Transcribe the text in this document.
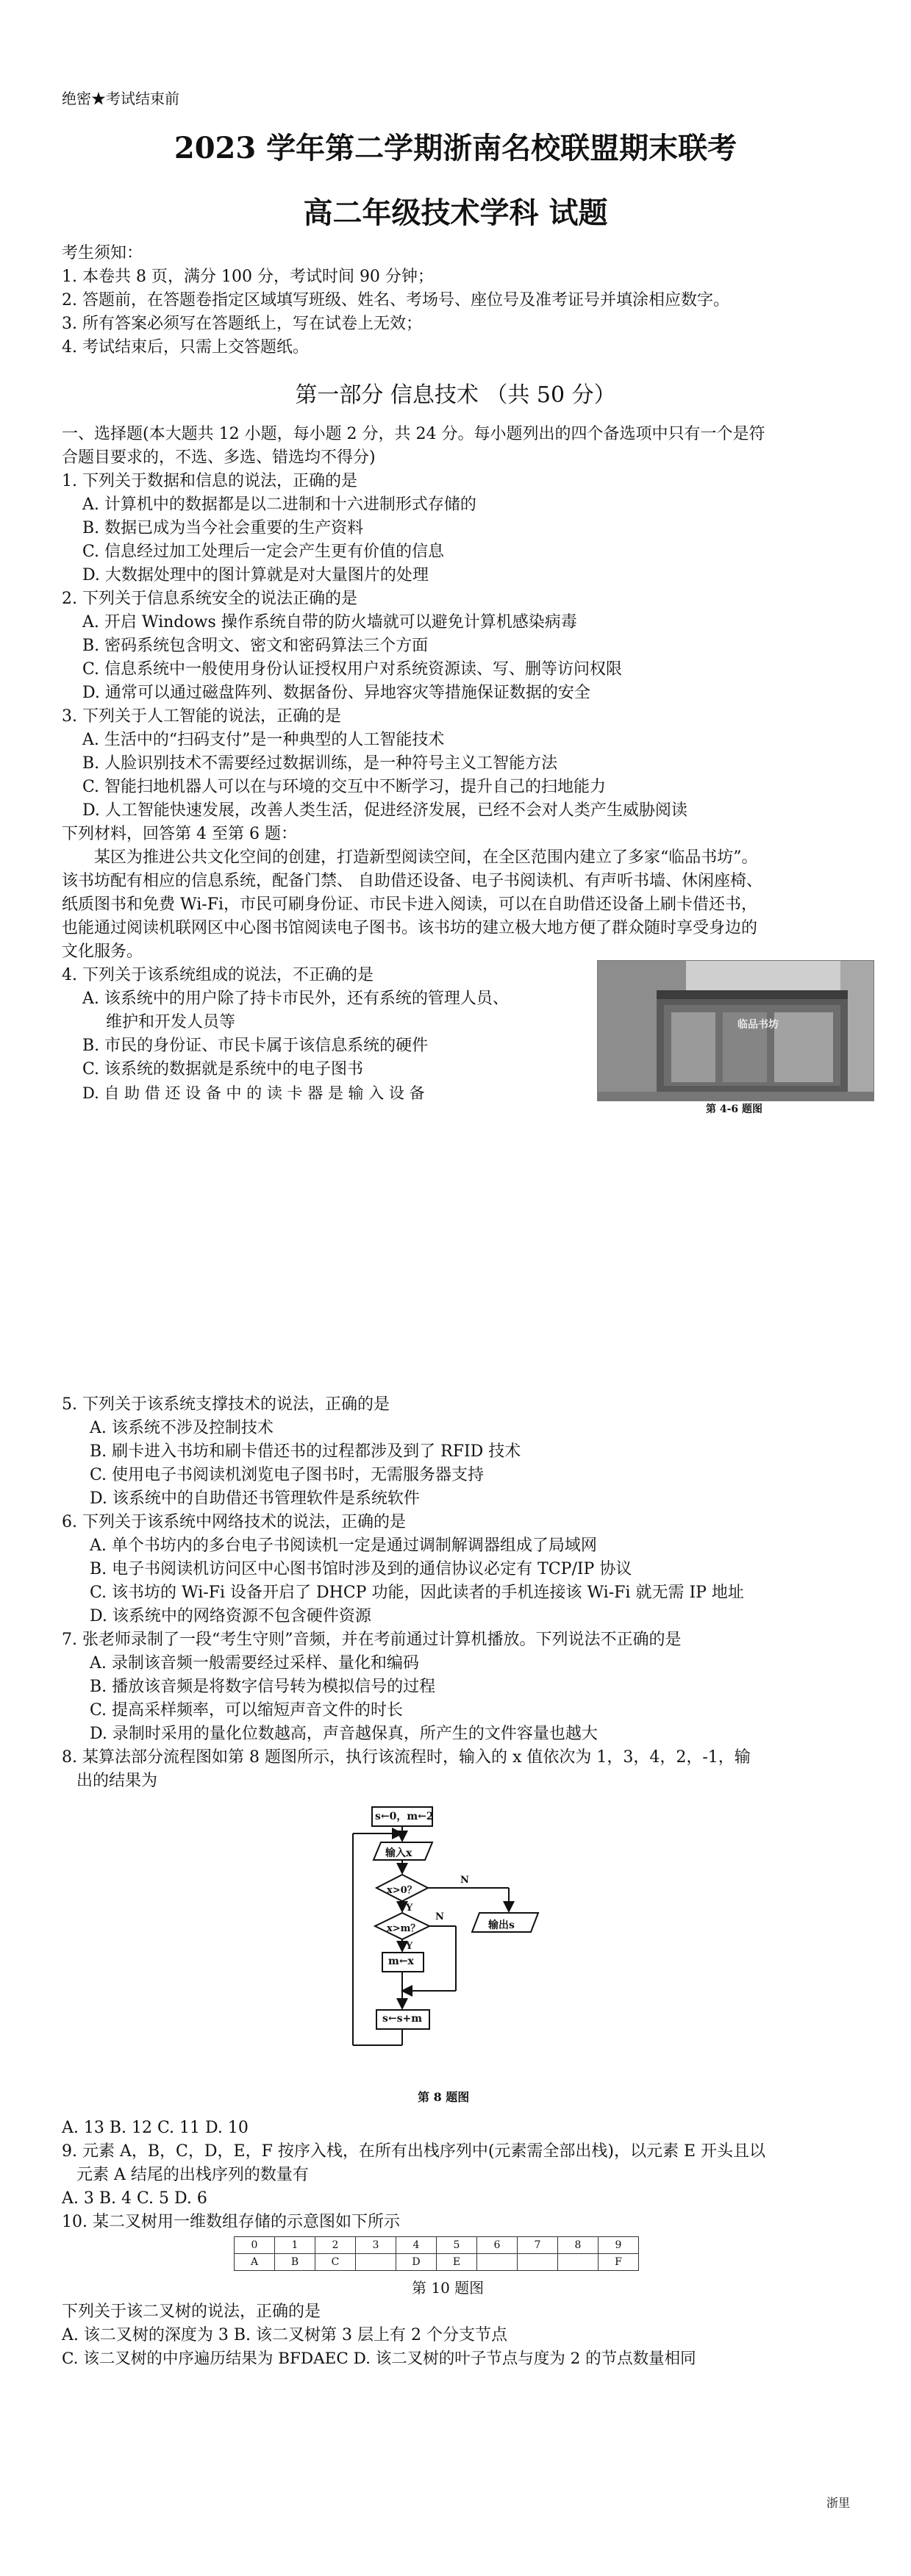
绝密★考试结束前
2023 学年第二学期浙南名校联盟期末联考
高二年级技术学科 试题
考生须知：
1. 本卷共 8 页，满分 100 分，考试时间 90 分钟；
2. 答题前，在答题卷指定区域填写班级、姓名、考场号、座位号及准考证号并填涂相应数字。
3. 所有答案必须写在答题纸上，写在试卷上无效；
4. 考试结束后，只需上交答题纸。
第一部分 信息技术 （共 50 分）
一、选择题(本大题共 12 小题，每小题 2 分，共 24 分。每小题列出的四个备选项中只有一个是符
合题目要求的，不选、多选、错选均不得分)
1. 下列关于数据和信息的说法，正确的是
A. 计算机中的数据都是以二进制和十六进制形式存储的
B. 数据已成为当今社会重要的生产资料
C. 信息经过加工处理后一定会产生更有价值的信息
D. 大数据处理中的图计算就是对大量图片的处理
2. 下列关于信息系统安全的说法正确的是
A. 开启 Windows 操作系统自带的防火墙就可以避免计算机感染病毒
B. 密码系统包含明文、密文和密码算法三个方面
C. 信息系统中一般使用身份认证授权用户对系统资源读、写、删等访问权限
D. 通常可以通过磁盘阵列、数据备份、异地容灾等措施保证数据的安全
3. 下列关于人工智能的说法，正确的是
A. 生活中的“扫码支付”是一种典型的人工智能技术
B. 人脸识别技术不需要经过数据训练，是一种符号主义工智能方法
C. 智能扫地机器人可以在与环境的交互中不断学习，提升自己的扫地能力
D. 人工智能快速发展，改善人类生活，促进经济发展，已经不会对人类产生威胁阅读
下列材料，回答第 4 至第 6 题：
某区为推进公共文化空间的创建，打造新型阅读空间，在全区范围内建立了多家“临品书坊”。
该书坊配有相应的信息系统，配备门禁、 自助借还设备、电子书阅读机、有声听书墙、休闲座椅、
纸质图书和免费 Wi-Fi，市民可刷身份证、市民卡进入阅读，可以在自助借还设备上刷卡借还书，
也能通过阅读机联网区中心图书馆阅读电子图书。该书坊的建立极大地方便了群众随时享受身边的
文化服务。
4. 下列关于该系统组成的说法，不正确的是
A. 该系统中的用户除了持卡市民外，还有系统的管理人员、
维护和开发人员等
B. 市民的身份证、市民卡属于该信息系统的硬件
C. 该系统的数据就是系统中的电子图书
D. 自 助 借 还 设 备 中 的 读 卡 器 是 输 入 设 备
临品书坊
第 4-6 题图
5. 下列关于该系统支撑技术的说法，正确的是
A. 该系统不涉及控制技术
B. 刷卡进入书坊和刷卡借还书的过程都涉及到了 RFID 技术
C. 使用电子书阅读机浏览电子图书时，无需服务器支持
D. 该系统中的自助借还书管理软件是系统软件
6. 下列关于该系统中网络技术的说法，正确的是
A. 单个书坊内的多台电子书阅读机一定是通过调制解调器组成了局域网
B. 电子书阅读机访问区中心图书馆时涉及到的通信协议必定有 TCP/IP 协议
C. 该书坊的 Wi-Fi 设备开启了 DHCP 功能，因此读者的手机连接该 Wi-Fi 就无需 IP 地址
D. 该系统中的网络资源不包含硬件资源
7. 张老师录制了一段“考生守则”音频，并在考前通过计算机播放。下列说法不正确的是
A. 录制该音频一般需要经过采样、量化和编码
B. 播放该音频是将数字信号转为模拟信号的过程
C. 提高采样频率，可以缩短声音文件的时长
D. 录制时采用的量化位数越高，声音越保真，所产生的文件容量也越大
8. 某算法部分流程图如第 8 题图所示，执行该流程时，输入的 x 值依次为 1，3，4，2，-1，输
出的结果为
s←0，m←2
输入x
x>0？
x>m？
m←x
s←s+m
输出s
Y
Y
N
N
第 8 题图
A. 13 B. 12 C. 11 D. 10
9. 元素 A，B，C，D，E，F 按序入栈，在所有出栈序列中(元素需全部出栈)，以元素 E 开头且以
元素 A 结尾的出栈序列的数量有
A. 3 B. 4 C. 5 D. 6
10. 某二叉树用一维数组存储的示意图如下所示
0	1	2	3	4	5	6	7	8	9
A	B	C		D	E				F
第 10 题图
下列关于该二叉树的说法，正确的是
A. 该二叉树的深度为 3 B. 该二叉树第 3 层上有 2 个分支节点
C. 该二叉树的中序遍历结果为 BFDAEC D. 该二叉树的叶子节点与度为 2 的节点数量相同
浙里
